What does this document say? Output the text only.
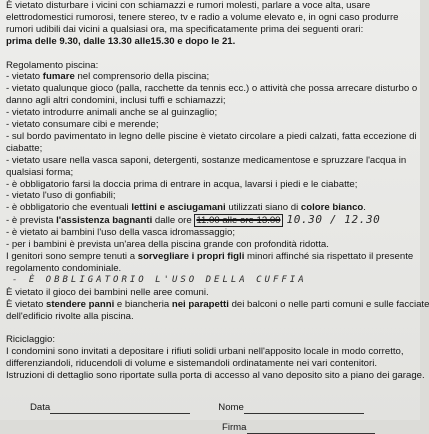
È vietato disturbare i vicini con schiamazzi e rumori molesti, parlare a voce alta, usare
elettrodomestici rumorosi, tenere stereo, tv e radio a volume elevato e, in ogni caso produrre
rumori udibili dai vicini a qualsiasi ora, ma specificatamente prima dei seguenti orari:
prima delle 9.30, dalle 13.30 alle15.30 e dopo le 21.
Regolamento piscina:
- vietato fumare nel comprensorio della piscina;
- vietato qualunque gioco (palla, racchette da tennis ecc.) o attività che possa arrecare disturbo o
danno agli altri condomini, inclusi tuffi e schiamazzi;
- vietato introdurre animali anche se al guinzaglio;
- vietato consumare cibi e merende;
- sul bordo pavimentato in legno delle piscine è vietato circolare a piedi calzati, fatta eccezione di
ciabatte;
- vietato usare nella vasca saponi, detergenti, sostanze medicamentose e spruzzare l'acqua in
qualsiasi forma;
- è obbligatorio farsi la doccia prima di entrare in acqua, lavarsi i piedi e le ciabatte;
- vietato l'uso di gonfiabili;
- è obbligatorio che eventuali lettini e asciugamani utilizzati siano di colore bianco.
- è prevista l'assistenza bagnanti dalle ore 11.00 alle ore 13.00 10.30 / 12.30
- è vietato ai bambini l'uso della vasca idromassaggio;
- per i bambini è prevista un'area della piscina grande con profondità ridotta.
I genitori sono sempre tenuti a sorvegliare i propri figli minori affinché sia rispettato il presente
regolamento condominiale.
- È OBBLIGATORIO L'USO DELLA CUFFIA
È vietato il gioco dei bambini nelle aree comuni.
È vietato stendere panni e biancheria nei parapetti dei balconi o nelle parti comuni e sulle facciate
dell'edificio rivolte alla piscina.
Riciclaggio:
I condomini sono invitati a depositare i rifiuti solidi urbani nell'apposito locale in modo corretto,
differenziandoli, riducendoli di volume e sistemandoli ordinatamente nei vari contenitori.
Istruzioni di dettaglio sono riportate sulla porta di accesso al vano deposito sito a piano dei garage.
Data	Nome
Firma
